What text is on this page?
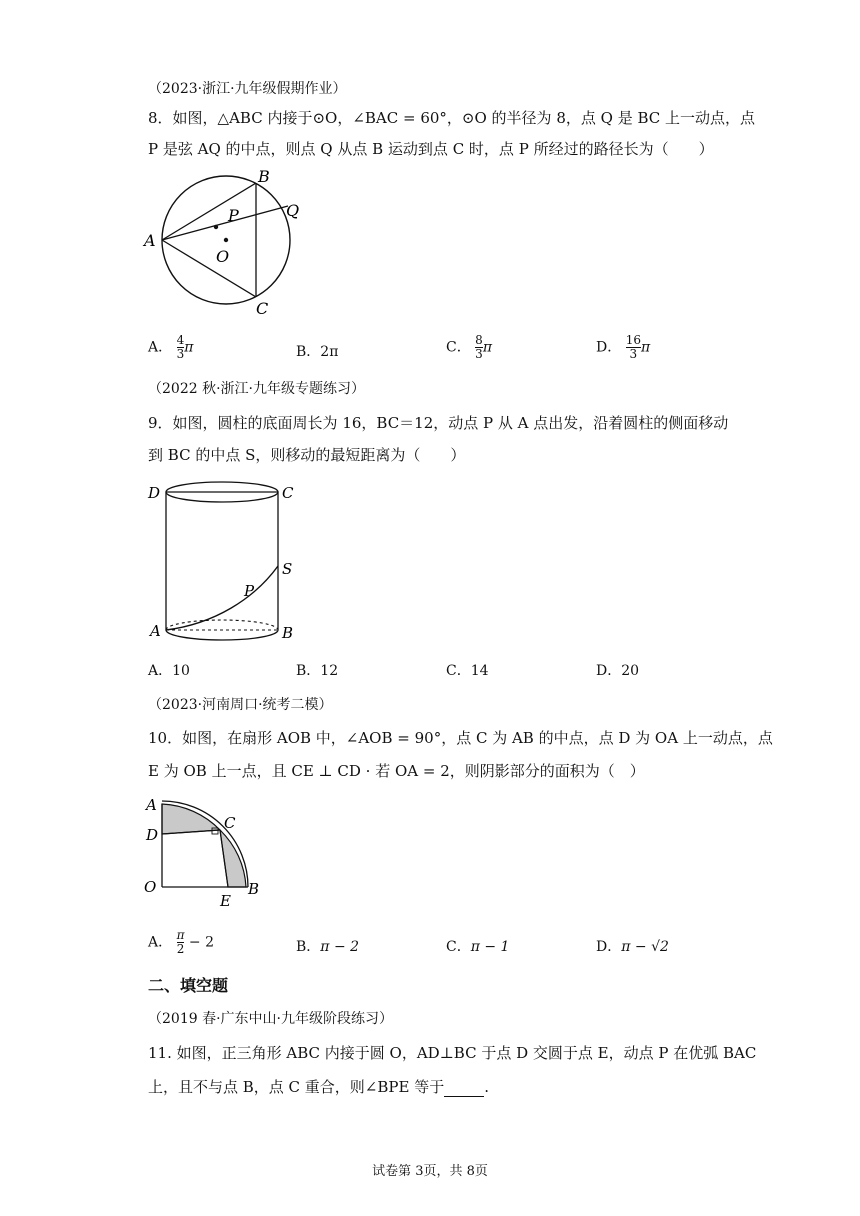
（2023·浙江·九年级假期作业）
8．如图，△ABC 内接于⊙O，∠BAC = 60°，⊙O 的半径为 8，点 Q 是 BC 上一动点，点
P 是弦 AQ 的中点，则点 Q 从点 B 运动到点 C 时，点 P 所经过的路径长为（　　）
A
B
C
O
P	Q
A． $\frac{4}{3}$ π	B．2π	C． $\frac{8}{3}$ π	D． $\frac{16}{3}$ π
（2022 秋·浙江·九年级专题练习）
9．如图，圆柱的底面周长为 16，BC＝12，动点 P 从 A 点出发，沿着圆柱的侧面移动
到 BC 的中点 S，则移动的最短距离为（　　）
D	C
S
P
A	B
A．10	B．12	C．14	D．20
（2023·河南周口·统考二模）
10．如图，在扇形 AOB 中，∠AOB = 90°，点 C 为 AB 的中点，点 D 为 OA 上一动点，点
E 为 OB 上一点，且 CE ⊥ CD · 若 OA = 2，则阴影部分的面积为（　）
A
C
D
O
E
B
A． $\frac{\pi}{2} - 2$	B．π − 2	C．π − 1	D．π − √2
二、填空题
（2019 春·广东中山·九年级阶段练习）
11. 如图，正三角形 ABC 内接于圆 O，AD⊥BC 于点 D 交圆于点 E，动点 P 在优弧 BAC
上，且不与点 B，点 C 重合，则∠BPE 等于	.
试卷第 3页，共 8页
